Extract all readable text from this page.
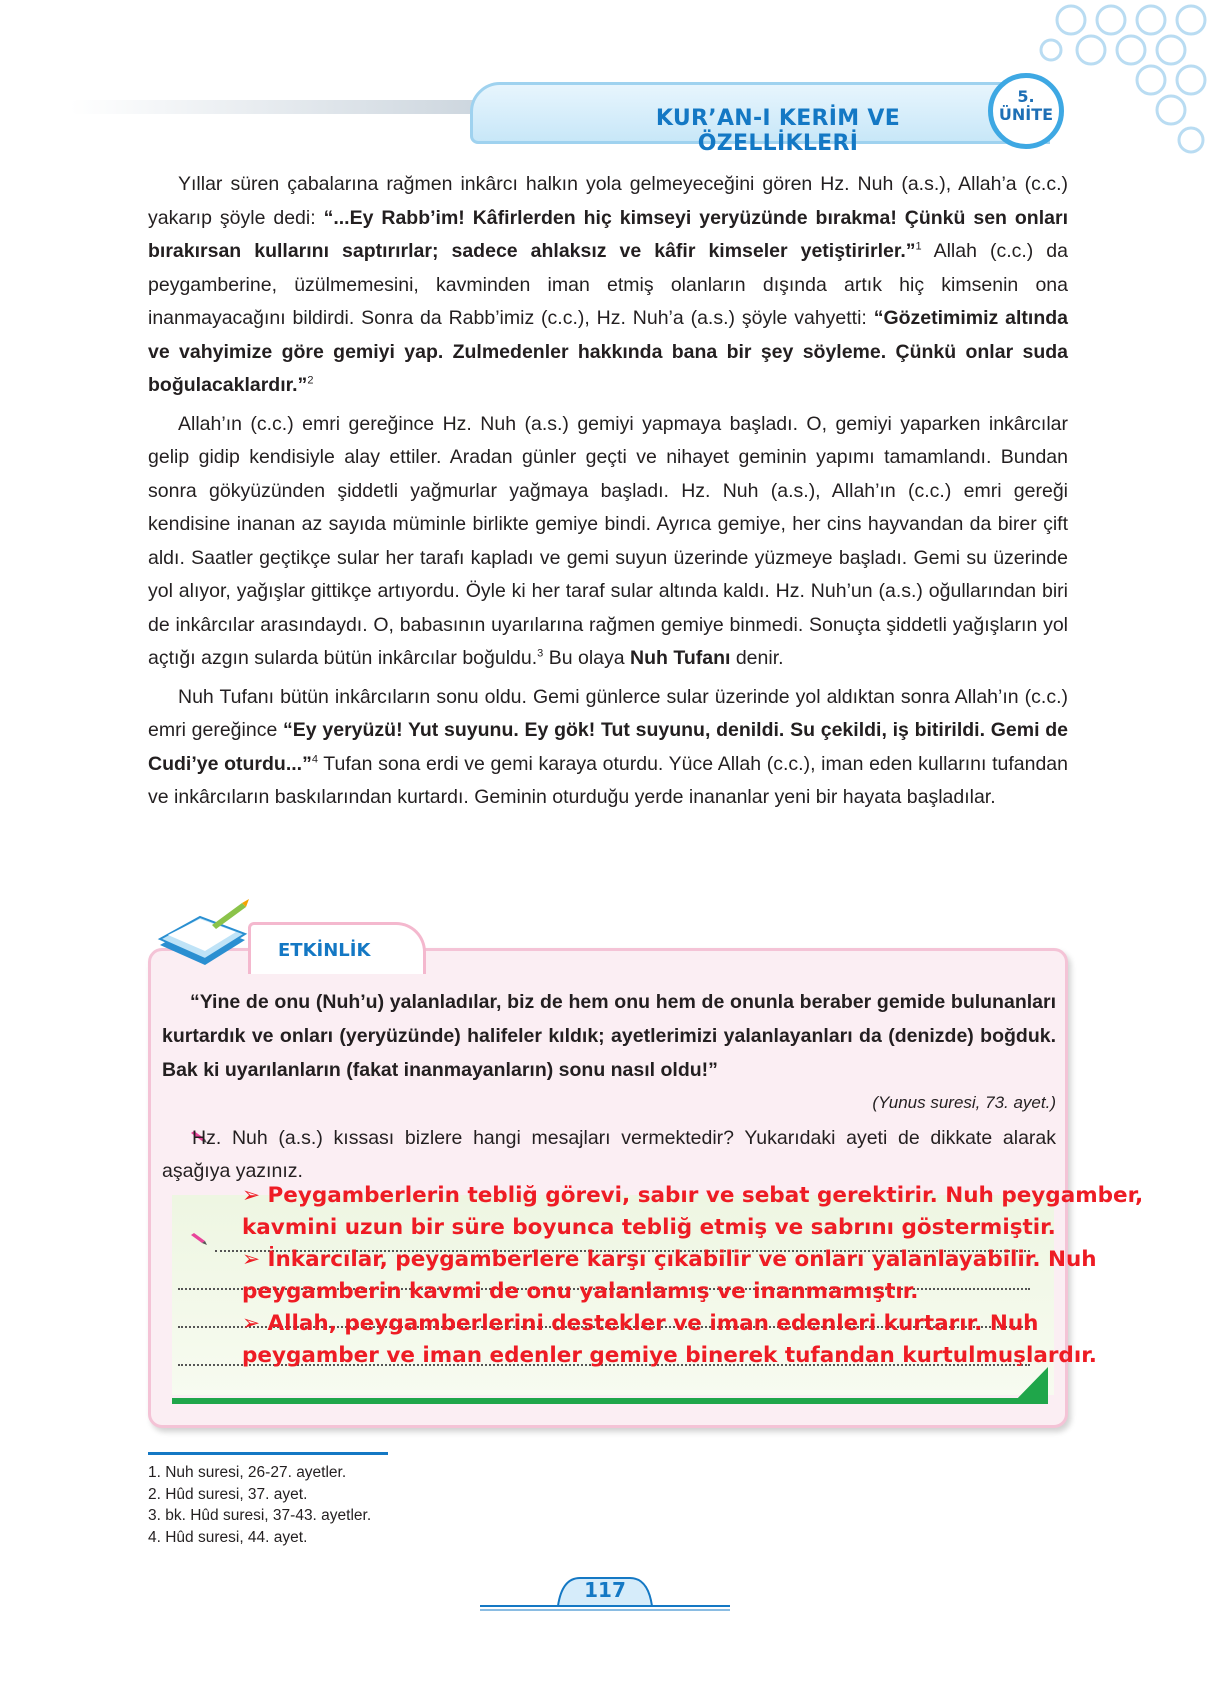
KUR’AN-I KERİM VE ÖZELLİKLERİ
5.
ÜNİTE

Yıllar süren çabalarına rağmen inkârcı halkın yola gelmeyeceğini gören Hz. Nuh (a.s.), Allah’a (c.c.) yakarıp şöyle dedi: “...Ey Rabb’im! Kâfirlerden hiç kimseyi yeryüzünde bırakma! Çünkü sen onları bırakırsan kullarını saptırırlar; sadece ahlaksız ve kâfir kimseler yetiştirirler.”$^1$ Allah (c.c.) da peygamberine, üzülmemesini, kavminden iman etmiş olanların dışında artık hiç kimsenin ona inanmayacağını bildirdi. Sonra da Rabb’imiz (c.c.), Hz. Nuh’a (a.s.) şöyle vahyetti: “Gözetimimiz altında ve vahyimize göre gemiyi yap. Zulmedenler hakkında bana bir şey söyleme. Çünkü onlar suda boğulacaklardır.”$^2$

Allah’ın (c.c.) emri gereğince Hz. Nuh (a.s.) gemiyi yapmaya başladı. O, gemiyi yaparken inkârcılar gelip gidip kendisiyle alay ettiler. Aradan günler geçti ve nihayet geminin yapımı tamamlandı. Bundan sonra gökyüzünden şiddetli yağmurlar yağmaya başladı. Hz. Nuh (a.s.), Allah’ın (c.c.) emri gereği kendisine inanan az sayıda müminle birlikte gemiye bindi. Ayrıca gemiye, her cins hayvandan da birer çift aldı. Saatler geçtikçe sular her tarafı kapladı ve gemi suyun üzerinde yüzmeye başladı. Gemi su üzerinde yol alıyor, yağışlar gittikçe artıyordu. Öyle ki her taraf sular altında kaldı. Hz. Nuh’un (a.s.) oğullarından biri de inkârcılar arasındaydı. O, babasının uyarılarına rağmen gemiye binmedi. Sonuçta şiddetli yağışların yol açtığı azgın sularda bütün inkârcılar boğuldu.$^3$ Bu olaya Nuh Tufanı denir.

Nuh Tufanı bütün inkârcıların sonu oldu. Gemi günlerce sular üzerinde yol aldıktan sonra Allah’ın (c.c.) emri gereğince “Ey yeryüzü! Yut suyunu. Ey gök! Tut suyunu, denildi. Su çekildi, iş bitirildi. Gemi de Cudi’ye oturdu...”$^4$ Tufan sona erdi ve gemi karaya oturdu. Yüce Allah (c.c.), iman eden kullarını tufandan ve inkârcıların baskılarından kurtardı. Geminin oturduğu yerde inananlar yeni bir hayata başladılar.

ETKİNLİK
“Yine de onu (Nuh’u) yalanladılar, biz de hem onu hem de onunla beraber gemide bulunanları kurtardık ve onları (yeryüzünde) halifeler kıldık; ayetlerimizi yalanlayanları da (denizde) boğduk. Bak ki uyarılanların (fakat inanmayanların) sonu nasıl oldu!”
(Yunus suresi, 73. ayet.)
Hz. Nuh (a.s.) kıssası bizlere hangi mesajları vermektedir? Yukarıdaki ayeti de dikkate alarak aşağıya yazınız.
➢ Peygamberlerin tebliğ görevi, sabır ve sebat gerektirir. Nuh peygamber,
kavmini uzun bir süre boyunca tebliğ etmiş ve sabrını göstermiştir.
➢ İnkarcılar, peygamberlere karşı çıkabilir ve onları yalanlayabilir. Nuh
peygamberin kavmi de onu yalanlamış ve inanmamıştır.
➢ Allah, peygamberlerini destekler ve iman edenleri kurtarır. Nuh
peygamber ve iman edenler gemiye binerek tufandan kurtulmuşlardır.
1. Nuh suresi, 26-27. ayetler.
2. Hûd suresi, 37. ayet.
3. bk. Hûd suresi, 37-43. ayetler.
4. Hûd suresi, 44. ayet.
117
